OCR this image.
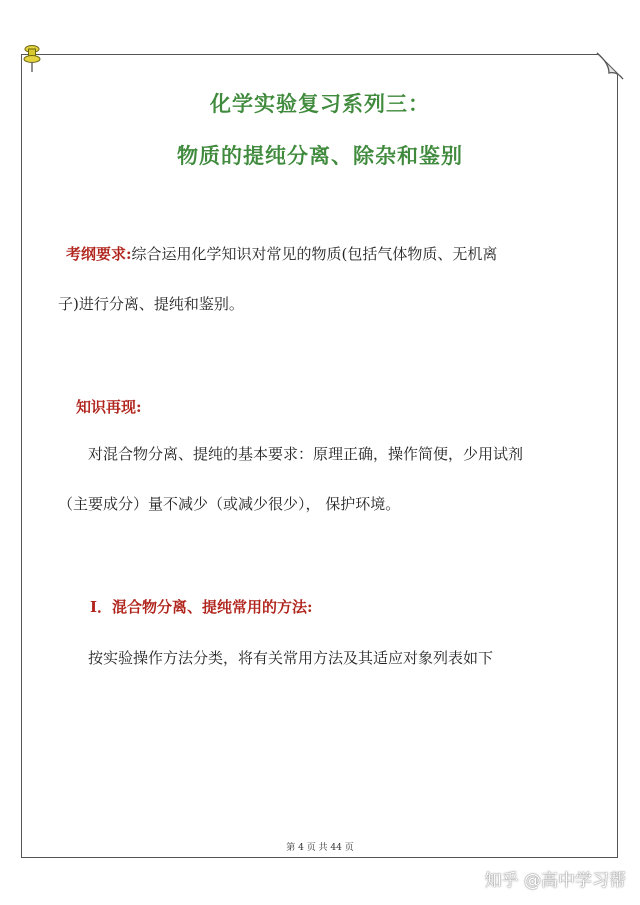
化学实验复习系列三：
物质的提纯分离、除杂和鉴别
考纲要求:综合运用化学知识对常见的物质(包括气体物质、无机离
子)进行分离、提纯和鉴别。
知识再现:
对混合物分离、提纯的基本要求：原理正确，操作简便，少用试剂
（主要成分）量不减少（或减少很少）， 保护环境。
I．混合物分离、提纯常用的方法:
按实验操作方法分类，将有关常用方法及其适应对象列表如下
第 4 页 共 44 页
知乎 @高中学习帮
